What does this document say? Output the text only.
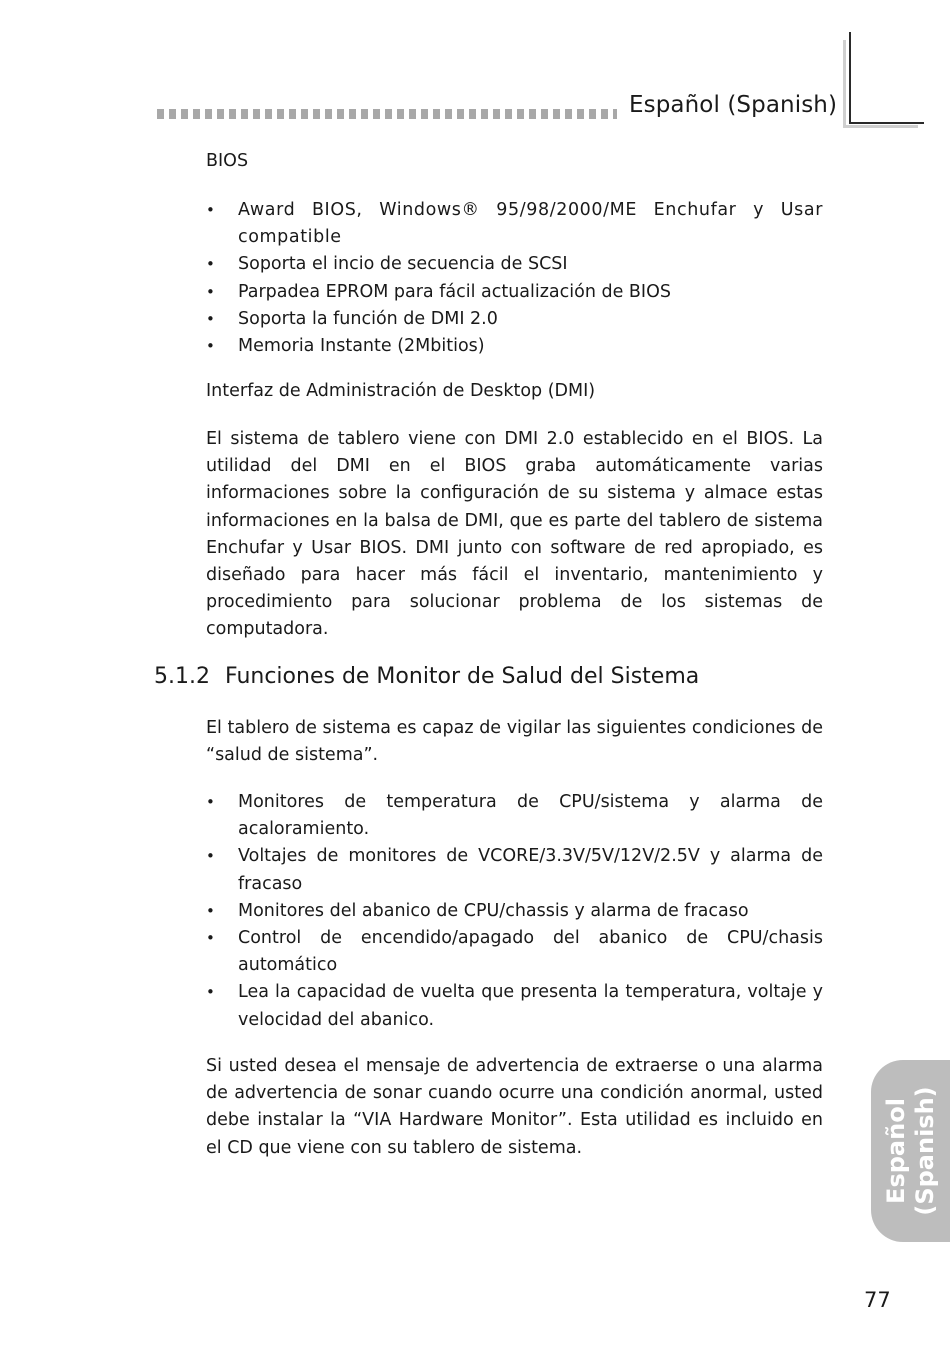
Español (Spanish)
BIOS
• Award BIOS, Windows® 95/98/2000/ME Enchufar y Usar compatible
• Soporta el incio de secuencia de SCSI
• Parpadea EPROM para fácil actualización de BIOS
• Soporta la función de DMI 2.0
• Memoria Instante (2Mbitios)
Interfaz de Administración de Desktop (DMI)

El sistema de tablero viene con DMI 2.0 establecido en el BIOS. La utilidad del DMI en el BIOS graba automáticamente varias informaciones sobre la configuración de su sistema y almace estas informaciones en la balsa de DMI, que es parte del tablero de sistema Enchufar y Usar BIOS. DMI junto con software de red apropiado, es diseñado para hacer más fácil el inventario, mantenimiento y procedimiento para solucionar problema de los sistemas de computadora.

5.1.2 Funciones de Monitor de Salud del Sistema

El tablero de sistema es capaz de vigilar las siguientes condiciones de “salud de sistema”.

• Monitores de temperatura de CPU/sistema y alarma de acaloramiento.
• Voltajes de monitores de VCORE/3.3V/5V/12V/2.5V y alarma de fracaso
• Monitores del abanico de CPU/chassis y alarma de fracaso
• Control de encendido/apagado del abanico de CPU/chasis automático
• Lea la capacidad de vuelta que presenta la temperatura, voltaje y velocidad del abanico.

Si usted desea el mensaje de advertencia de extraerse o una alarma de advertencia de sonar cuando ocurre una condición anormal, usted debe instalar la “VIA Hardware Monitor”. Esta utilidad es incluido en el CD que viene con su tablero de sistema.	Español (Spanish)
77
